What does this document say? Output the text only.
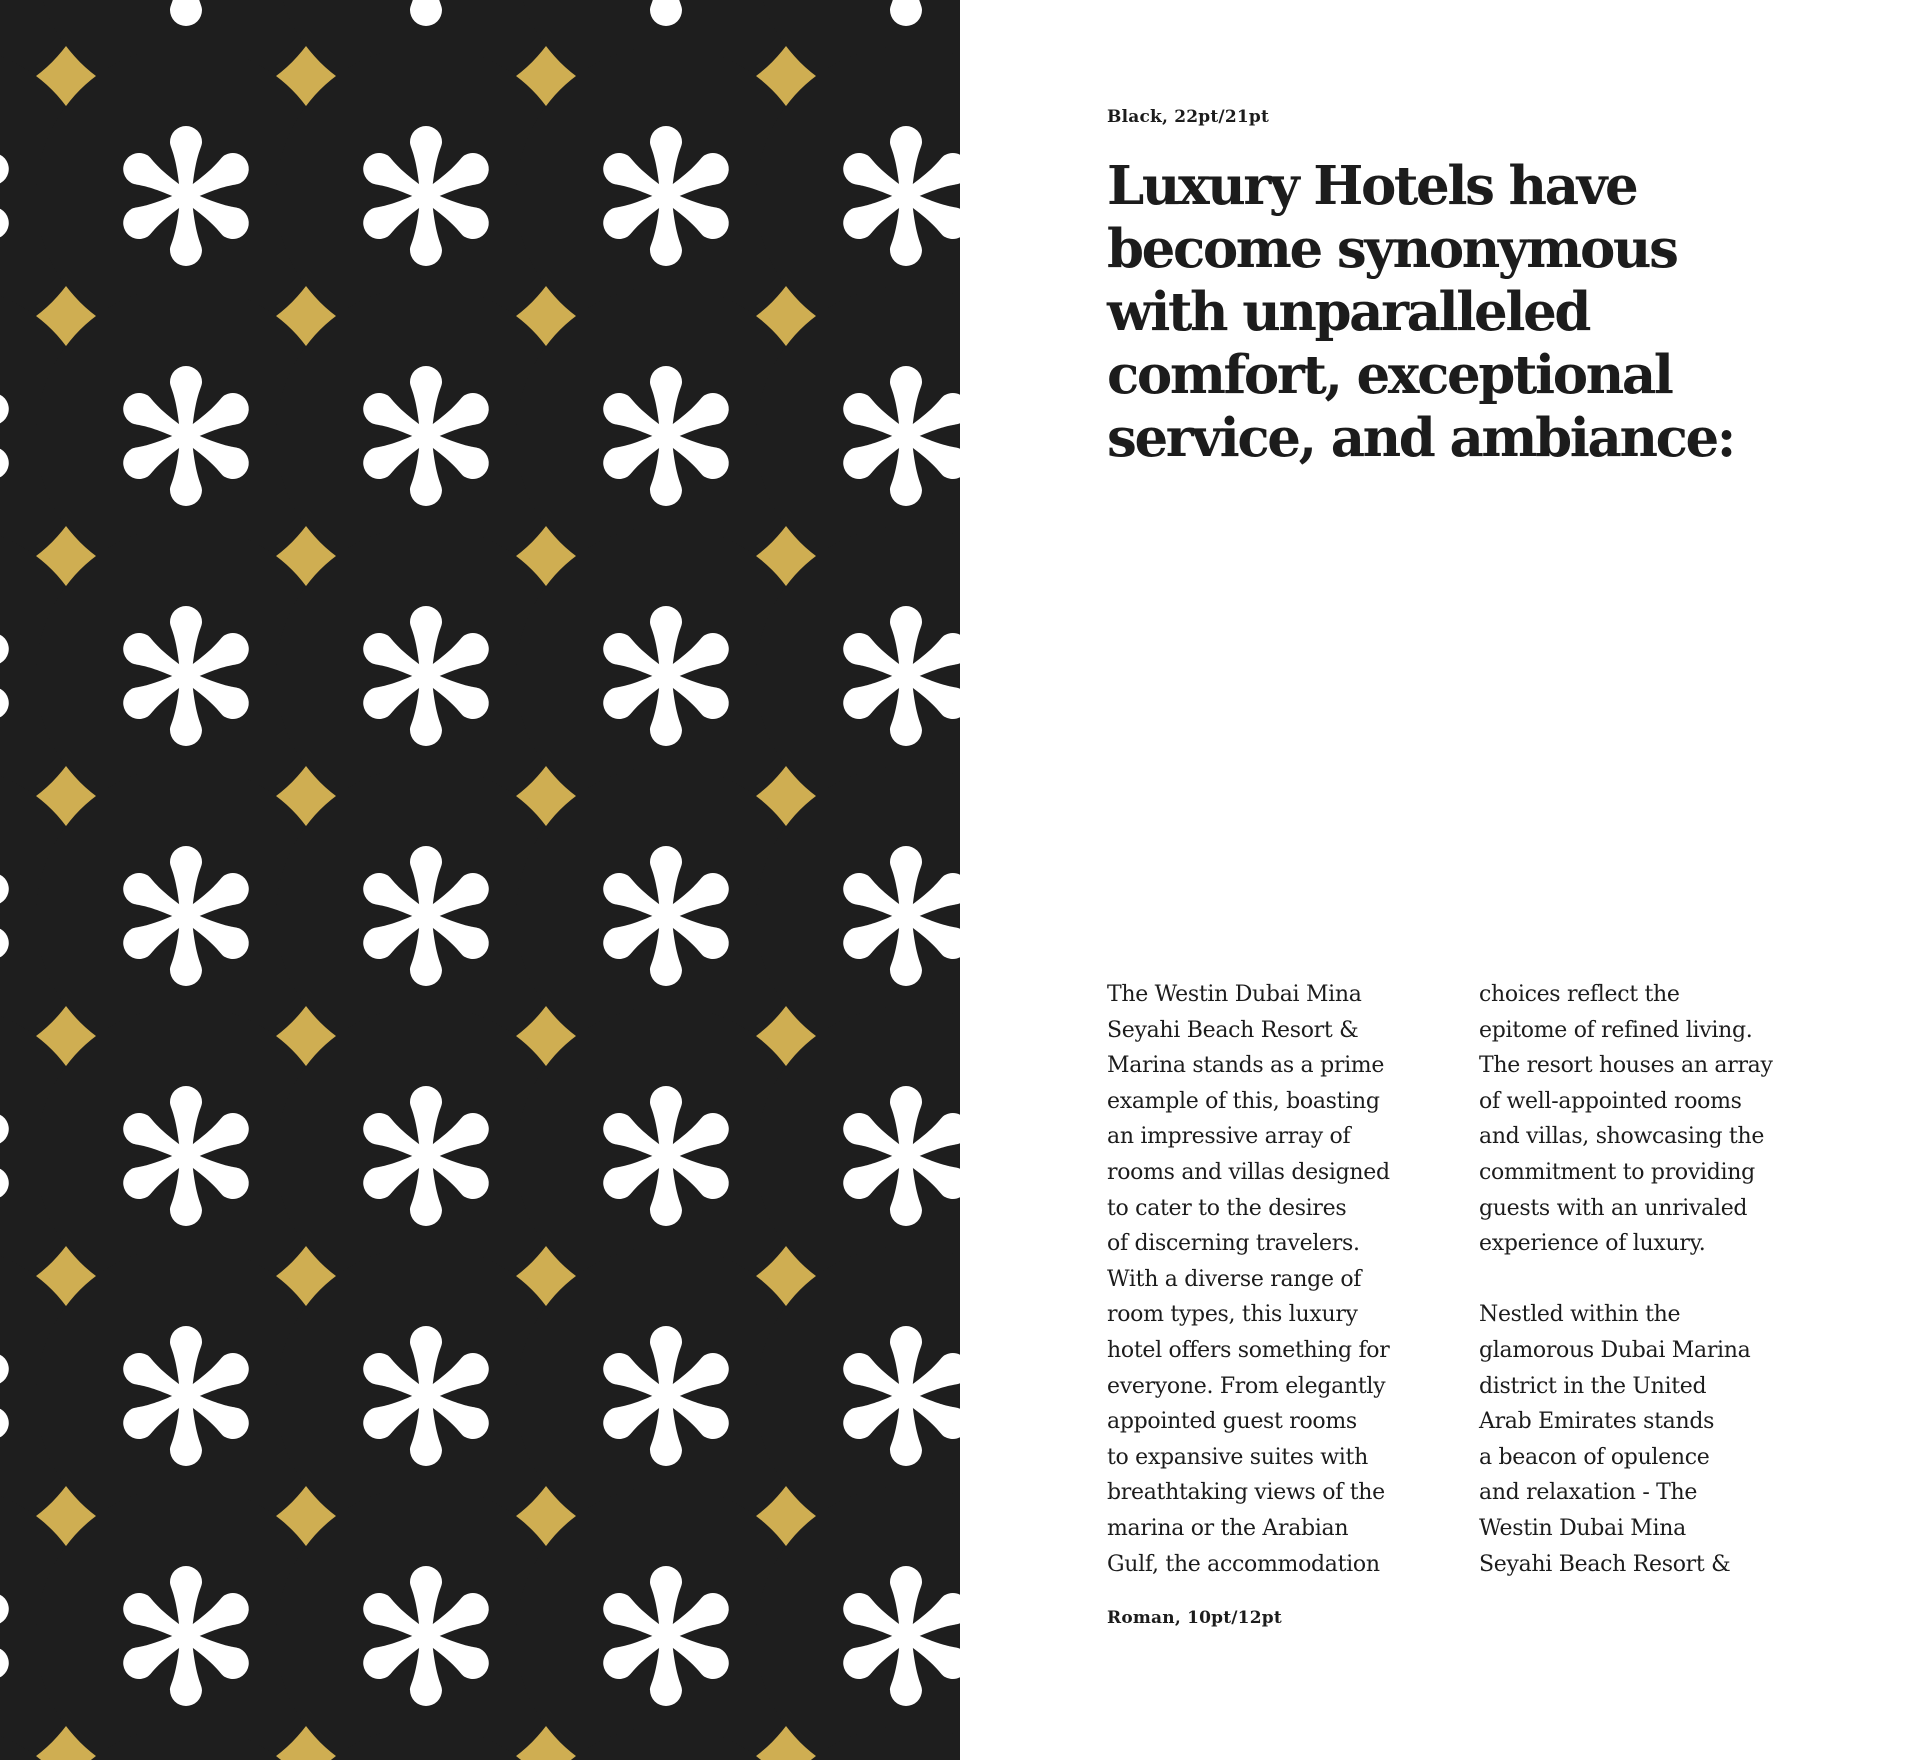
Black, 22pt/21pt
Luxury Hotels have
become synonymous
with unparalleled
comfort, exceptional
service, and ambiance:
The Westin Dubai Mina
Seyahi Beach Resort &
Marina stands as a prime
example of this, boasting
an impressive array of
rooms and villas designed
to cater to the desires
of discerning travelers.
With a diverse range of
room types, this luxury
hotel offers something for
everyone. From elegantly
appointed guest rooms
to expansive suites with
breathtaking views of the
marina or the Arabian
Gulf, the accommodation
choices reflect the
epitome of refined living.
The resort houses an array
of well-appointed rooms
and villas, showcasing the
commitment to providing
guests with an unrivaled
experience of luxury.
Nestled within the
glamorous Dubai Marina
district in the United
Arab Emirates stands
a beacon of opulence
and relaxation - The
Westin Dubai Mina
Seyahi Beach Resort &
Roman, 10pt/12pt
